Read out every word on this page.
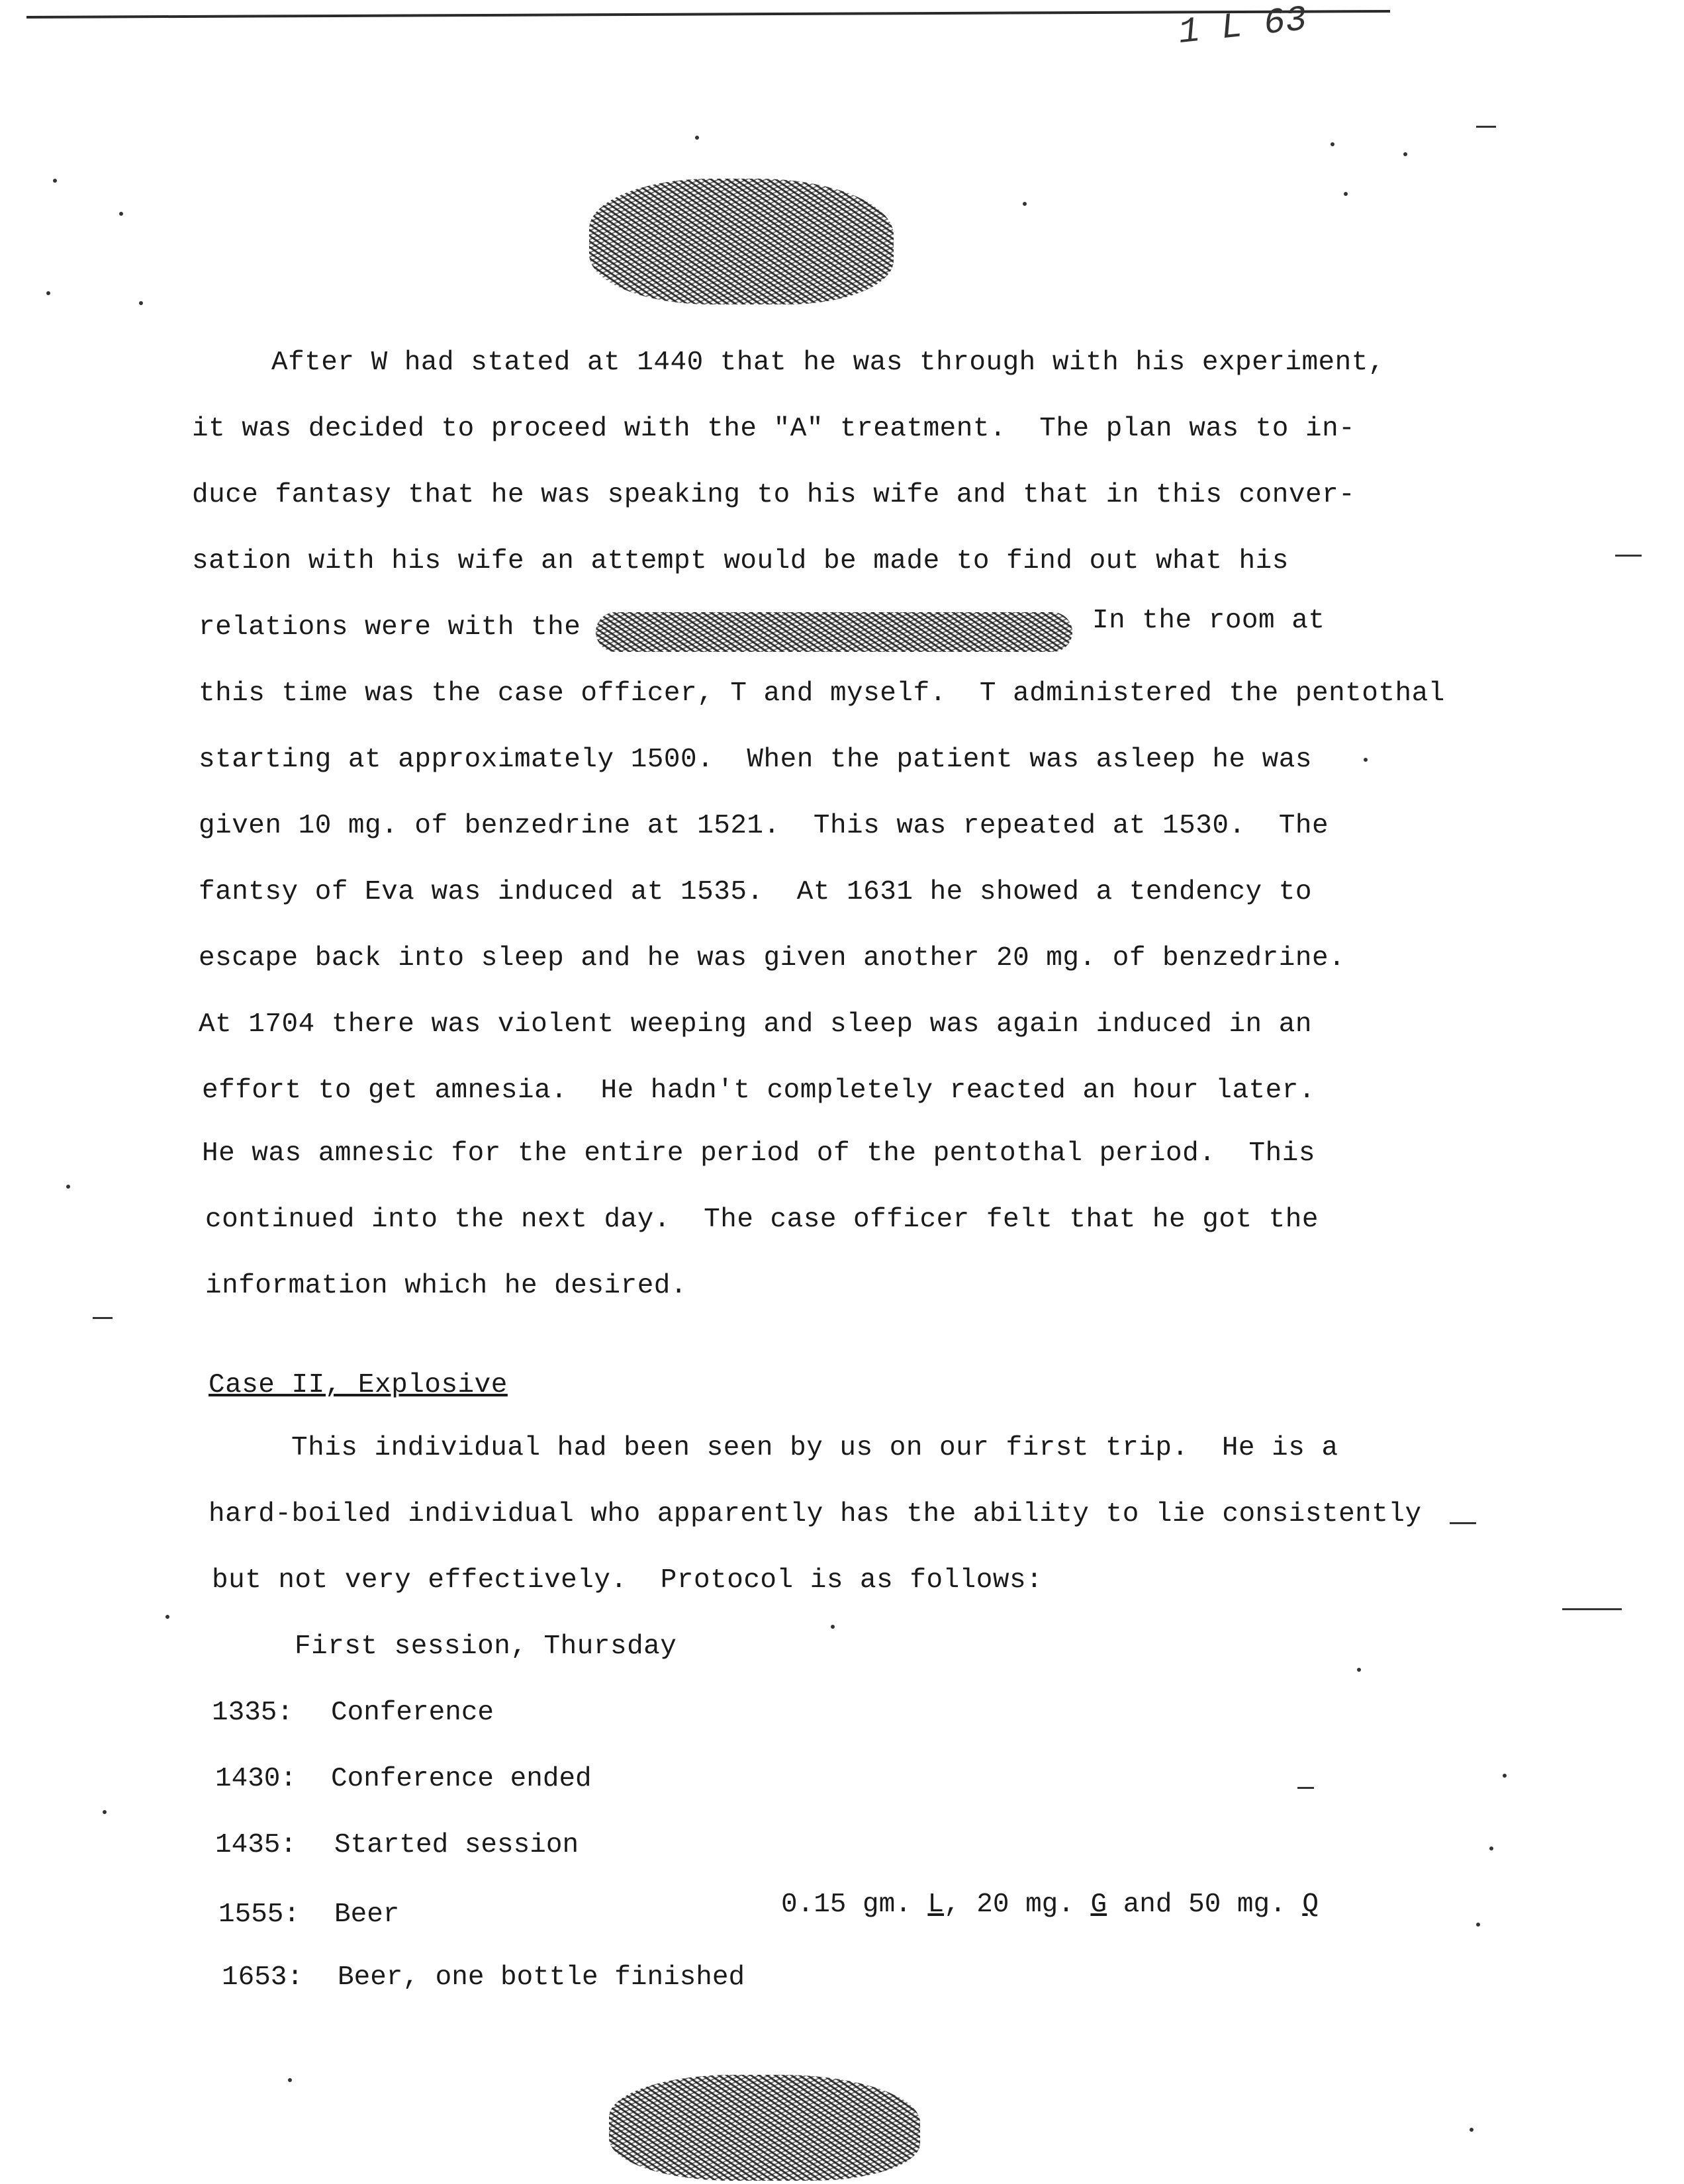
1 L 63
After W had stated at 1440 that he was through with his experiment,
it was decided to proceed with the "A" treatment.  The plan was to in-
duce fantasy that he was speaking to his wife and that in this conver-
sation with his wife an attempt would be made to find out what his
relations were with the	In the room at
this time was the case officer, T and myself.  T administered the pentothal
starting at approximately 1500.  When the patient was asleep he was
given 10 mg. of benzedrine at 1521.  This was repeated at 1530.  The
fantsy of Eva was induced at 1535.  At 1631 he showed a tendency to
escape back into sleep and he was given another 20 mg. of benzedrine.
At 1704 there was violent weeping and sleep was again induced in an
effort to get amnesia.  He hadn't completely reacted an hour later.
He was amnesic for the entire period of the pentothal period.  This
continued into the next day.  The case officer felt that he got the
information which he desired.
Case II, Explosive
This individual had been seen by us on our first trip.  He is a
hard-boiled individual who apparently has the ability to lie consistently
but not very effectively.  Protocol is as follows:
First session, Thursday
1335: Conference
1430: Conference ended
1435: Started session
1555: Beer
1653: Beer, one bottle finished
0.15 gm. L, 20 mg. G and 50 mg. Q
